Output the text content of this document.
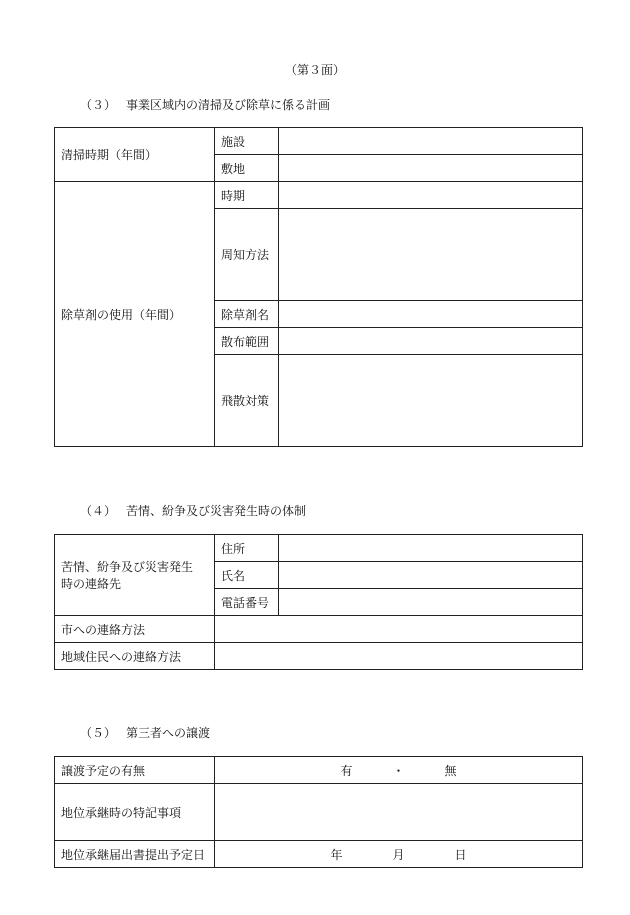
（第３面）
（３） 事業区域内の清掃及び除草に係る計画
清掃時期（年間）	施設	
	敷地	
除草剤の使用（年間）	時期	
	周知方法	
	除草剤名	
	散布範囲	
	飛散対策	
（４） 苦情、紛争及び災害発生時の体制
苦情、紛争及び災害発生
時の連絡先	住所	
	氏名	
	電話番号	
市への連絡方法		
地域住民への連絡方法		
（５） 第三者への譲渡
譲渡予定の有無	有 ・ 無
地位承継時の特記事項	
地位承継届出書提出予定日	年 月 日
